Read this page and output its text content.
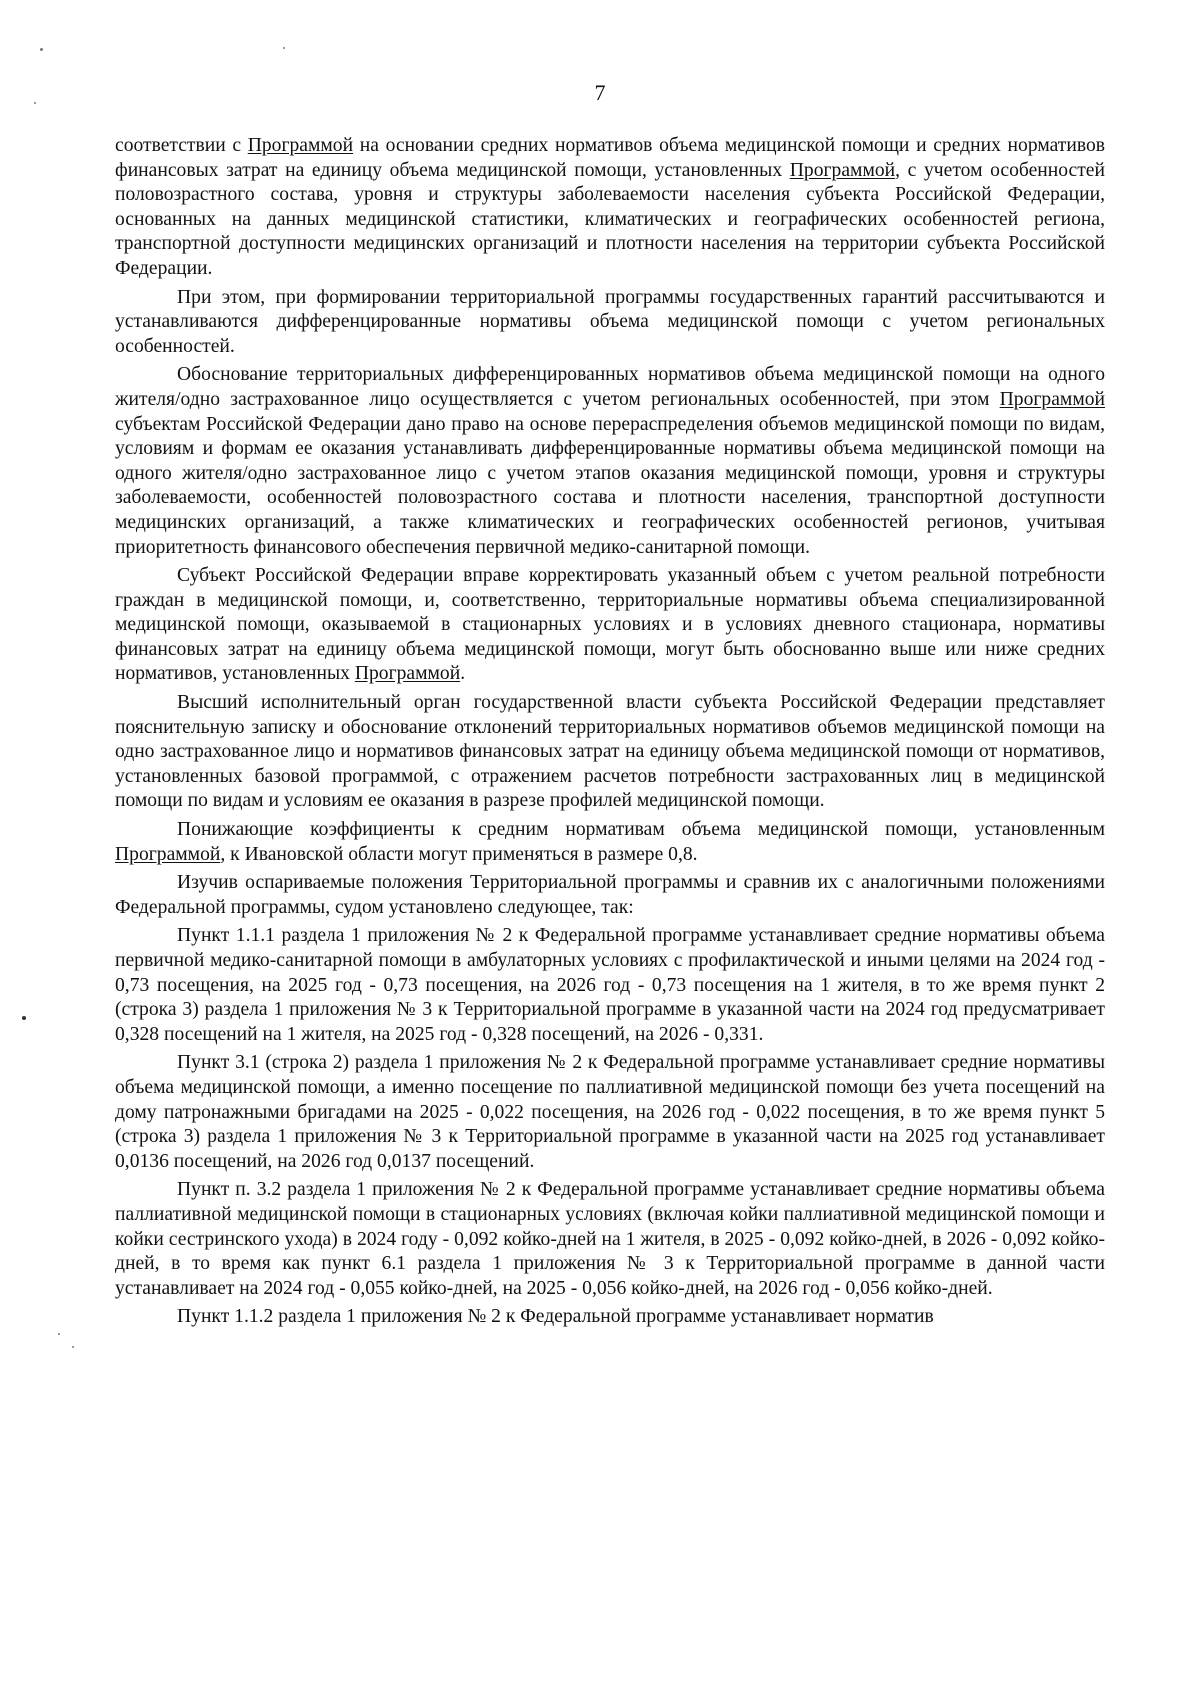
7

соответствии с Программой на основании средних нормативов объема медицинской помощи и средних нормативов финансовых затрат на единицу объема медицинской помощи, установленных Программой, с учетом особенностей половозрастного состава, уровня и структуры заболеваемости населения субъекта Российской Федерации, основанных на данных медицинской статистики, климатических и географических особенностей региона, транспортной доступности медицинских организаций и плотности населения на территории субъекта Российской Федерации.

При этом, при формировании территориальной программы государственных гарантий рассчитываются и устанавливаются дифференцированные нормативы объема медицинской помощи с учетом региональных особенностей.

Обоснование территориальных дифференцированных нормативов объема медицинской помощи на одного жителя/одно застрахованное лицо осуществляется с учетом региональных особенностей, при этом Программой субъектам Российской Федерации дано право на основе перераспределения объемов медицинской помощи по видам, условиям и формам ее оказания устанавливать дифференцированные нормативы объема медицинской помощи на одного жителя/одно застрахованное лицо с учетом этапов оказания медицинской помощи, уровня и структуры заболеваемости, особенностей половозрастного состава и плотности населения, транспортной доступности медицинских организаций, а также климатических и географических особенностей регионов, учитывая приоритетность финансового обеспечения первичной медико-санитарной помощи.

Субъект Российской Федерации вправе корректировать указанный объем с учетом реальной потребности граждан в медицинской помощи, и, соответственно, территориальные нормативы объема специализированной медицинской помощи, оказываемой в стационарных условиях и в условиях дневного стационара, нормативы финансовых затрат на единицу объема медицинской помощи, могут быть обоснованно выше или ниже средних нормативов, установленных Программой.

Высший исполнительный орган государственной власти субъекта Российской Федерации представляет пояснительную записку и обоснование отклонений территориальных нормативов объемов медицинской помощи на одно застрахованное лицо и нормативов финансовых затрат на единицу объема медицинской помощи от нормативов, установленных базовой программой, с отражением расчетов потребности застрахованных лиц в медицинской помощи по видам и условиям ее оказания в разрезе профилей медицинской помощи.

Понижающие коэффициенты к средним нормативам объема медицинской помощи, установленным Программой, к Ивановской области могут применяться в размере 0,8.

Изучив оспариваемые положения Территориальной программы и сравнив их с аналогичными положениями Федеральной программы, судом установлено следующее, так:

Пункт 1.1.1 раздела 1 приложения № 2 к Федеральной программе устанавливает средние нормативы объема первичной медико-санитарной помощи в амбулаторных условиях с профилактической и иными целями на 2024 год - 0,73 посещения, на 2025 год - 0,73 посещения, на 2026 год - 0,73 посещения на 1 жителя, в то же время пункт 2 (строка 3) раздела 1 приложения № 3 к Территориальной программе в указанной части на 2024 год предусматривает 0,328 посещений на 1 жителя, на 2025 год - 0,328 посещений, на 2026 - 0,331.

Пункт 3.1 (строка 2) раздела 1 приложения № 2 к Федеральной программе устанавливает средние нормативы объема медицинской помощи, а именно посещение по паллиативной медицинской помощи без учета посещений на дому патронажными бригадами на 2025 - 0,022 посещения, на 2026 год - 0,022 посещения, в то же время пункт 5 (строка 3) раздела 1 приложения № 3 к Территориальной программе в указанной части на 2025 год устанавливает 0,0136 посещений, на 2026 год 0,0137 посещений.

Пункт п. 3.2 раздела 1 приложения № 2 к Федеральной программе устанавливает средние нормативы объема паллиативной медицинской помощи в стационарных условиях (включая койки паллиативной медицинской помощи и койки сестринского ухода) в 2024 году - 0,092 койко-дней на 1 жителя, в 2025 - 0,092 койко-дней, в 2026 - 0,092 койко-дней, в то время как пункт 6.1 раздела 1 приложения № 3 к Территориальной программе в данной части устанавливает на 2024 год - 0,055 койко-дней, на 2025 - 0,056 койко-дней, на 2026 год - 0,056 койко-дней.

Пункт 1.1.2 раздела 1 приложения № 2 к Федеральной программе устанавливает норматив
